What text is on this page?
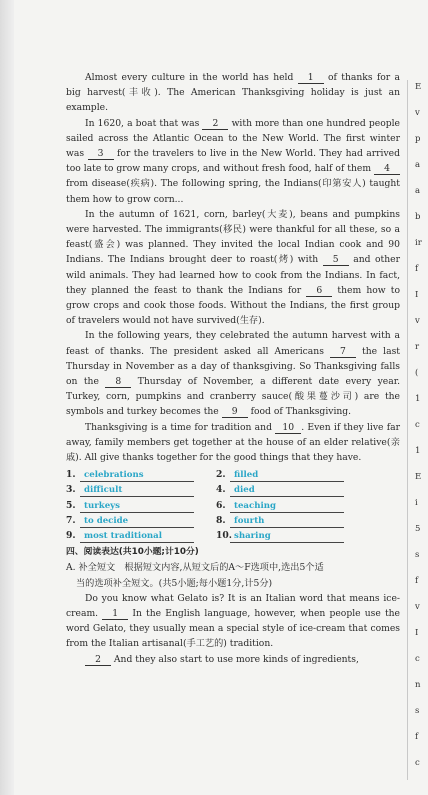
Almost every culture in the world has held 1 of thanks for a big harvest(丰收). The American Thanksgiving holiday is just an example.

In 1620, a boat that was 2 with more than one hundred people sailed across the Atlantic Ocean to the New World. The first winter was 3 for the travelers to live in the New World. They had arrived too late to grow many crops, and without fresh food, half of them 4 from disease(疾病). The following spring, the Indians(印第安人) taught them how to grow corn...

In the autumn of 1621, corn, barley(大麦), beans and pumpkins were harvested. The immigrants(移民) were thankful for all these, so a feast(盛会) was planned. They invited the local Indian cook and 90 Indians. The Indians brought deer to roast(烤) with 5 and other wild animals. They had learned how to cook from the Indians. In fact, they planned the feast to thank the Indians for 6 them how to grow crops and cook those foods. Without the Indians, the first group of travelers would not have survived(生存).

In the following years, they celebrated the autumn harvest with a feast of thanks. The president asked all Americans 7 the last Thursday in November as a day of thanksgiving. So Thanksgiving falls on the 8 Thursday of November, a different date every year. Turkey, corn, pumpkins and cranberry sauce(酸果蔓沙司) are the symbols and turkey becomes the 9 food of Thanksgiving.

Thanksgiving is a time for tradition and 10 . Even if they live far away, family members get together at the house of an elder relative(亲戚). All give thanks together for the good things that they have.

1. celebrations	2. filled
3. difficult	4. died
5. turkeys	6. teaching
7. to decide	8. fourth
9. most traditional	10. sharing
四、阅读表达(共10小题;计10分)

A. 补全短文　根据短文内容,从短文后的A～F选项中,选出5个适

当的选项补全短文。(共5小题;每小题1分,计5分)

Do you know what Gelato is? It is an Italian word that means ice-cream. 1 In the English language, however, when people use the word Gelato, they usually mean a special style of ice-cream that comes from the Italian artisanal(手工艺的) tradition.

2 And they also start to use more kinds of ingredients,

E
v
p
a
a
b
ir
f
I
v
r
(
1
c
1
E
i
5
s
f
v
I
c
n
s
f
c
